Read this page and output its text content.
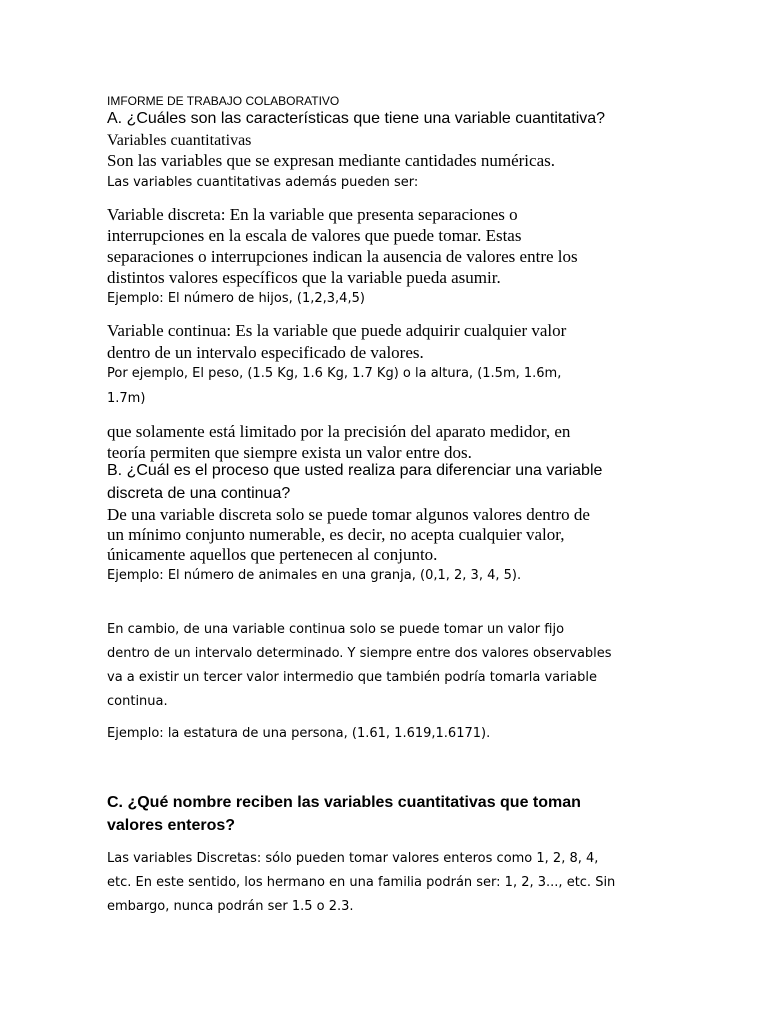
IMFORME DE TRABAJO COLABORATIVO

A. ¿Cuáles son las características que tiene una variable cuantitativa?

Variables cuantitativas

Son las variables que se expresan mediante cantidades numéricas.

Las variables cuantitativas además pueden ser:

Variable discreta: En la variable que presenta separaciones o

interrupciones en la escala de valores que puede tomar. Estas

separaciones o interrupciones indican la ausencia de valores entre los

distintos valores específicos que la variable pueda asumir.

Ejemplo: El número de hijos, (1,2,3,4,5)

Variable continua: Es la variable que puede adquirir cualquier valor

dentro de un intervalo especificado de valores.

Por ejemplo, El peso, (1.5 Kg, 1.6 Kg, 1.7 Kg) o la altura, (1.5m, 1.6m,

1.7m)

que solamente está limitado por la precisión del aparato medidor, en

teoría permiten que siempre exista un valor entre dos.

B. ¿Cuál es el proceso que usted realiza para diferenciar una variable

discreta de una continua?

De una variable discreta solo se puede tomar algunos valores dentro de

un mínimo conjunto numerable, es decir, no acepta cualquier valor,

únicamente aquellos que pertenecen al conjunto.

Ejemplo: El número de animales en una granja, (0,1, 2, 3, 4, 5).

En cambio, de una variable continua solo se puede tomar un valor fijo

dentro de un intervalo determinado. Y siempre entre dos valores observables

va a existir un tercer valor intermedio que también podría tomarla variable

continua.

Ejemplo: la estatura de una persona, (1.61, 1.619,1.6171).

C. ¿Qué nombre reciben las variables cuantitativas que toman

valores enteros?

Las variables Discretas: sólo pueden tomar valores enteros como 1, 2, 8, 4,

etc. En este sentido, los hermano en una familia podrán ser: 1, 2, 3..., etc. Sin

embargo, nunca podrán ser 1.5 o 2.3.
